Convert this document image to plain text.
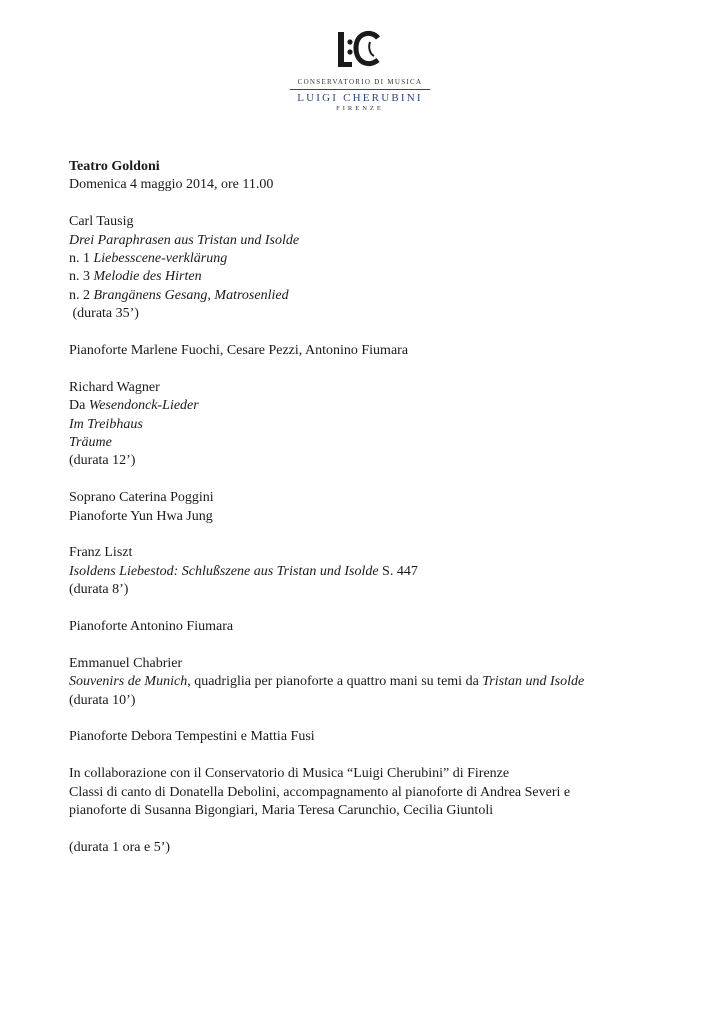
CONSERVATORIO DI MUSICA
LUIGI CHERUBINI
FIRENZE
Teatro Goldoni
Domenica 4 maggio 2014, ore 11.00
Carl Tausig
Drei Paraphrasen aus Tristan und Isolde
n. 1 Liebesscene-verklärung
n. 3 Melodie des Hirten
n. 2 Brangänens Gesang, Matrosenlied
(durata 35’)
Pianoforte Marlene Fuochi, Cesare Pezzi, Antonino Fiumara
Richard Wagner
Da Wesendonck-Lieder
Im Treibhaus
Träume
(durata 12’)
Soprano Caterina Poggini
Pianoforte Yun Hwa Jung
Franz Liszt
Isoldens Liebestod: Schlußszene aus Tristan und Isolde S. 447
(durata 8’)
Pianoforte Antonino Fiumara
Emmanuel Chabrier
Souvenirs de Munich, quadriglia per pianoforte a quattro mani su temi da Tristan und Isolde
(durata 10’)
Pianoforte Debora Tempestini e Mattia Fusi
In collaborazione con il Conservatorio di Musica “Luigi Cherubini” di Firenze
Classi di canto di Donatella Debolini, accompagnamento al pianoforte di Andrea Severi e
pianoforte di Susanna Bigongiari, Maria Teresa Carunchio, Cecilia Giuntoli
(durata 1 ora e 5’)
